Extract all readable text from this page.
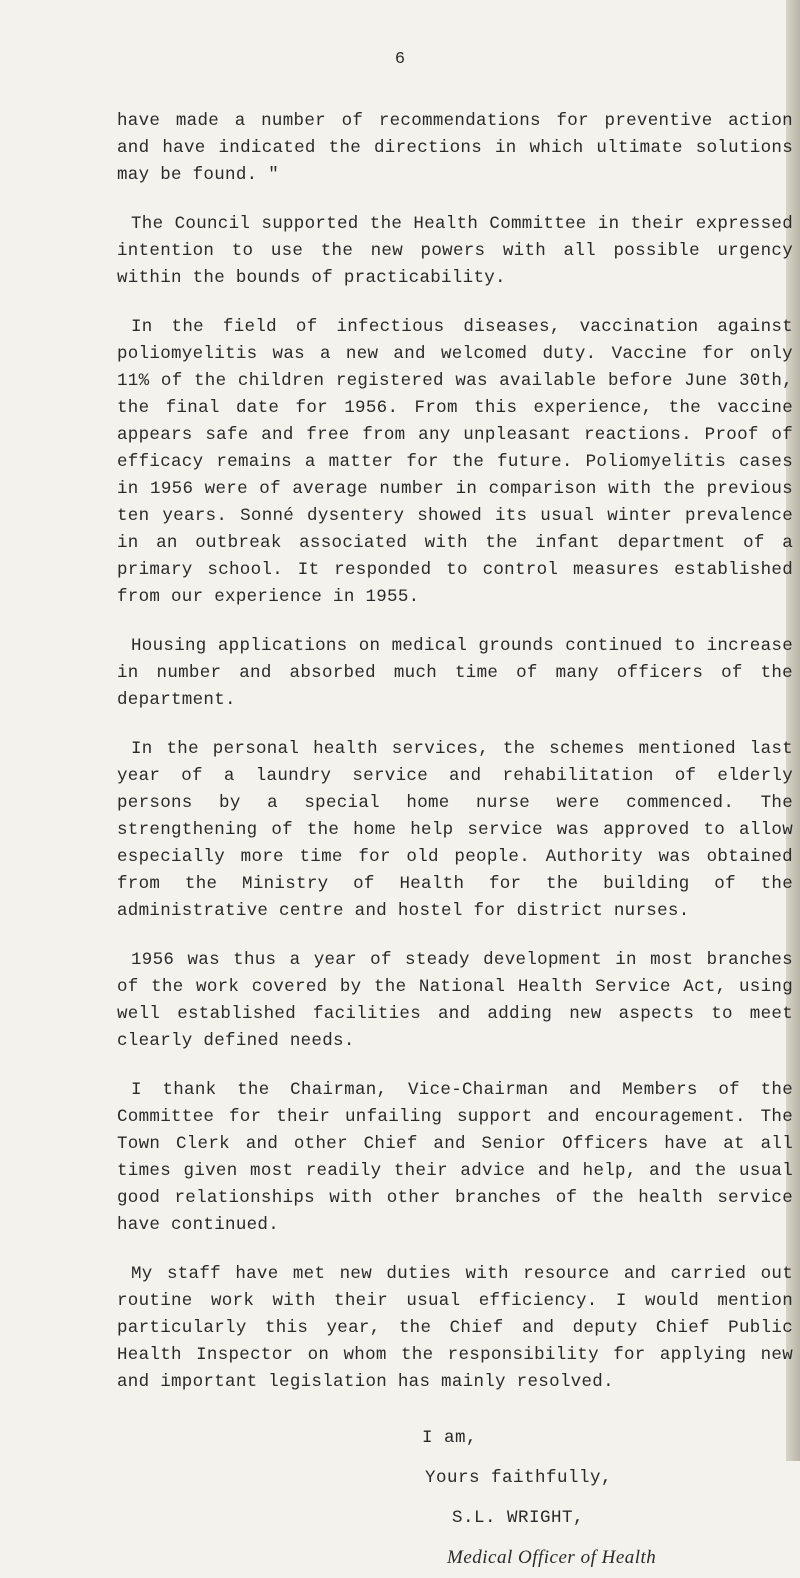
6

have made a number of recommendations for preventive action and have indicated the directions in which ultimate solutions may be found. "

The Council supported the Health Committee in their expressed intention to use the new powers with all possible urgency within the bounds of practicability.

In the field of infectious diseases, vaccination against poliomyelitis was a new and welcomed duty. Vaccine for only 11% of the children registered was available before June 30th, the final date for 1956. From this experience, the vaccine appears safe and free from any unpleasant reactions. Proof of efficacy remains a matter for the future. Poliomyelitis cases in 1956 were of average number in comparison with the previous ten years. Sonné dysentery showed its usual winter prevalence in an outbreak associated with the infant department of a primary school. It responded to control measures established from our experience in 1955.

Housing applications on medical grounds continued to increase in number and absorbed much time of many officers of the department.

In the personal health services, the schemes mentioned last year of a laundry service and rehabilitation of elderly persons by a special home nurse were commenced. The strengthening of the home help service was approved to allow especially more time for old people. Authority was obtained from the Ministry of Health for the building of the administrative centre and hostel for district nurses.

1956 was thus a year of steady development in most branches of the work covered by the National Health Service Act, using well established facilities and adding new aspects to meet clearly defined needs.

I thank the Chairman, Vice-Chairman and Members of the Committee for their unfailing support and encouragement. The Town Clerk and other Chief and Senior Officers have at all times given most readily their advice and help, and the usual good relationships with other branches of the health service have continued.

My staff have met new duties with resource and carried out routine work with their usual efficiency. I would mention particularly this year, the Chief and deputy Chief Public Health Inspector on whom the responsibility for applying new and important legislation has mainly resolved.

I am,
Yours faithfully,
S.L. WRIGHT,
Medical Officer of Health
